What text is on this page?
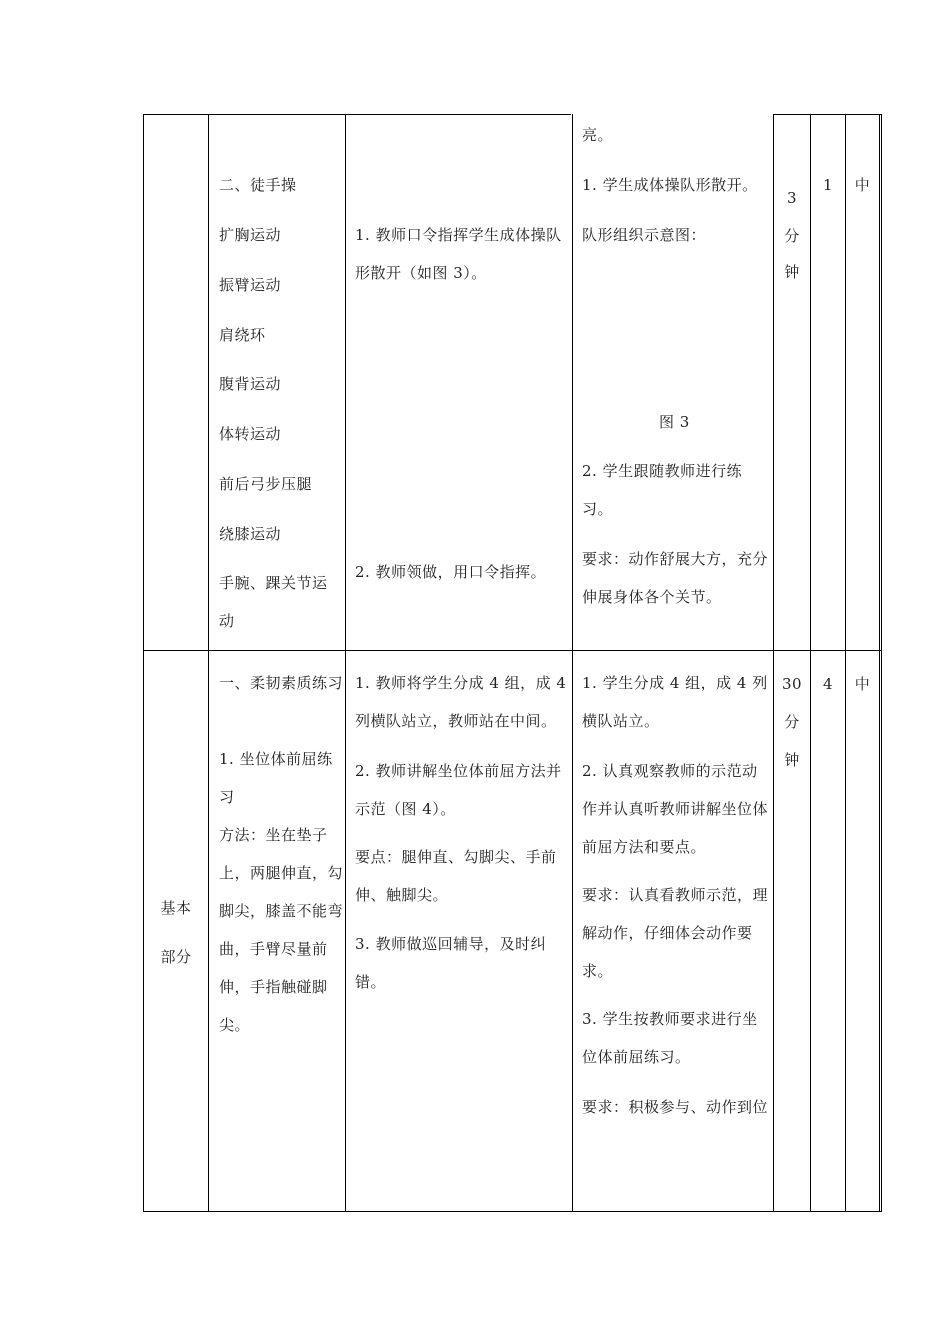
二、徒手操
扩胸运动
振臂运动
肩绕环
腹背运动
体转运动
前后弓步压腿
绕膝运动
手腕、踝关节运动
1. 教师口令指挥学生成体操队形散开（如图 3）。
2. 教师领做，用口令指挥。
亮。
1. 学生成体操队形散开。
队形组织示意图：
图 3
2. 学生跟随教师进行练习。
要求：动作舒展大方，充分伸展身体各个关节。
3
分
钟
1	中
基本
部分
一、柔韧素质练习
1. 坐位体前屈练习
方法：坐在垫子上，两腿伸直，勾脚尖，膝盖不能弯曲，手臂尽量前伸，手指触碰脚尖。
1. 教师将学生分成 4 组，成 4 列横队站立，教师站在中间。
2. 教师讲解坐位体前屈方法并示范（图 4）。
要点：腿伸直、勾脚尖、手前伸、触脚尖。
3. 教师做巡回辅导，及时纠错。
1. 学生分成 4 组，成 4 列横队站立。
2. 认真观察教师的示范动作并认真听教师讲解坐位体前屈方法和要点。
要求：认真看教师示范，理解动作，仔细体会动作要求。
3. 学生按教师要求进行坐位体前屈练习。
要求：积极参与、动作到位
30
分
钟
4	中
